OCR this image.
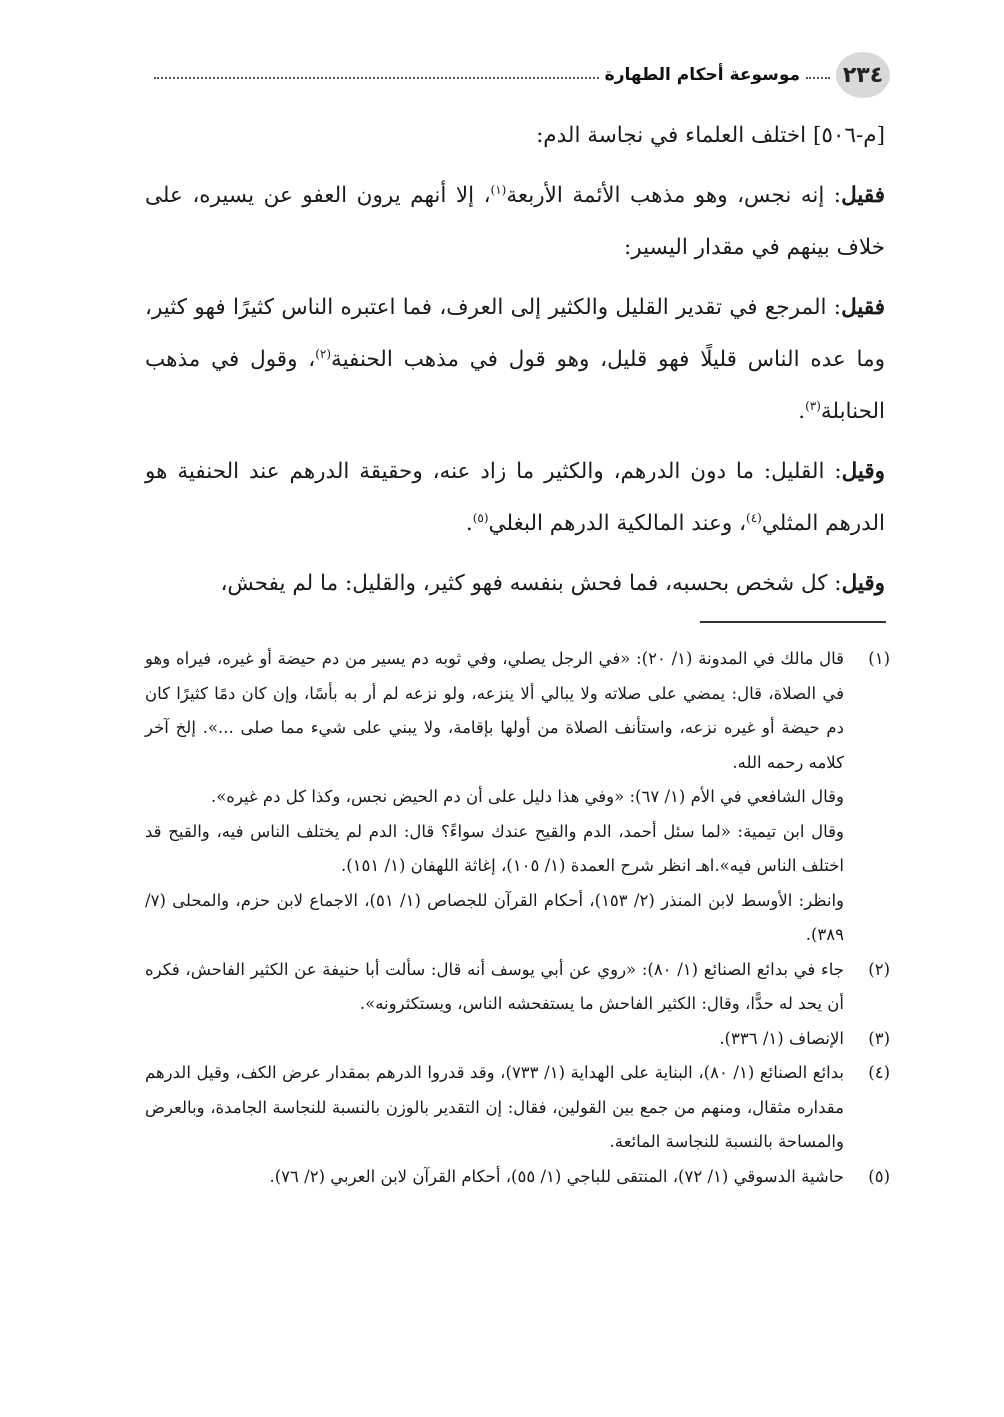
٢٣٤
موسوعة أحكام الطهارة

[م-٥٠٦] اختلف العلماء في نجاسة الدم:

فقيل: إنه نجس، وهو مذهب الأئمة الأربعة$^{(١)}$، إلا أنهم يرون العفو عن يسيره، على خلاف بينهم في مقدار اليسير:

فقيل: المرجع في تقدير القليل والكثير إلى العرف، فما اعتبره الناس كثيرًا فهو كثير، وما عده الناس قليلًا فهو قليل، وهو قول في مذهب الحنفية$^{(٢)}$، وقول في مذهب الحنابلة$^{(٣)}$.

وقيل: القليل: ما دون الدرهم، والكثير ما زاد عنه، وحقيقة الدرهم عند الحنفية هو الدرهم المثلي$^{(٤)}$، وعند المالكية الدرهم البغلي$^{(٥)}$.

وقيل: كل شخص بحسبه، فما فحش بنفسه فهو كثير، والقليل: ما لم يفحش،

(١)

قال مالك في المدونة (١/ ٢٠): «في الرجل يصلي، وفي ثوبه دم يسير من دم حيضة أو غيره، فيراه وهو في الصلاة، قال: يمضي على صلاته ولا يبالي ألا ينزعه، ولو نزعه لم أر به بأسًا، وإن كان دمًا كثيرًا كان دم حيضة أو غيره نزعه، واستأنف الصلاة من أولها بإقامة، ولا يبني على شيء مما صلى ...». إلخ آخر كلامه رحمه الله.

وقال الشافعي في الأم (١/ ٦٧): «وفي هذا دليل على أن دم الحيض نجس، وكذا كل دم غيره».

وقال ابن تيمية: «لما سئل أحمد، الدم والقيح عندك سواءً؟ قال: الدم لم يختلف الناس فيه، والقيح قد اختلف الناس فيه».اهـ انظر شرح العمدة (١/ ١٠٥)، إغاثة اللهفان (١/ ١٥١).

وانظر: الأوسط لابن المنذر (٢/ ١٥٣)، أحكام القرآن للجصاص (١/ ٥١)، الاجماع لابن حزم، والمحلى (٧/ ٣٨٩).

(٢)

جاء في بدائع الصنائع (١/ ٨٠): «روي عن أبي يوسف أنه قال: سألت أبا حنيفة عن الكثير الفاحش، فكره أن يحد له حدًّا، وقال: الكثير الفاحش ما يستفحشه الناس، ويستكثرونه».

(٣)

الإنصاف (١/ ٣٣٦).

(٤)

بدائع الصنائع (١/ ٨٠)، البناية على الهداية (١/ ٧٣٣)، وقد قدروا الدرهم بمقدار عرض الكف، وقيل الدرهم مقداره مثقال، ومنهم من جمع بين القولين، فقال: إن التقدير بالوزن بالنسبة للنجاسة الجامدة، وبالعرض والمساحة بالنسبة للنجاسة المائعة.

(٥)

حاشية الدسوقي (١/ ٧٢)، المنتقى للباجي (١/ ٥٥)، أحكام القرآن لابن العربي (٢/ ٧٦).
